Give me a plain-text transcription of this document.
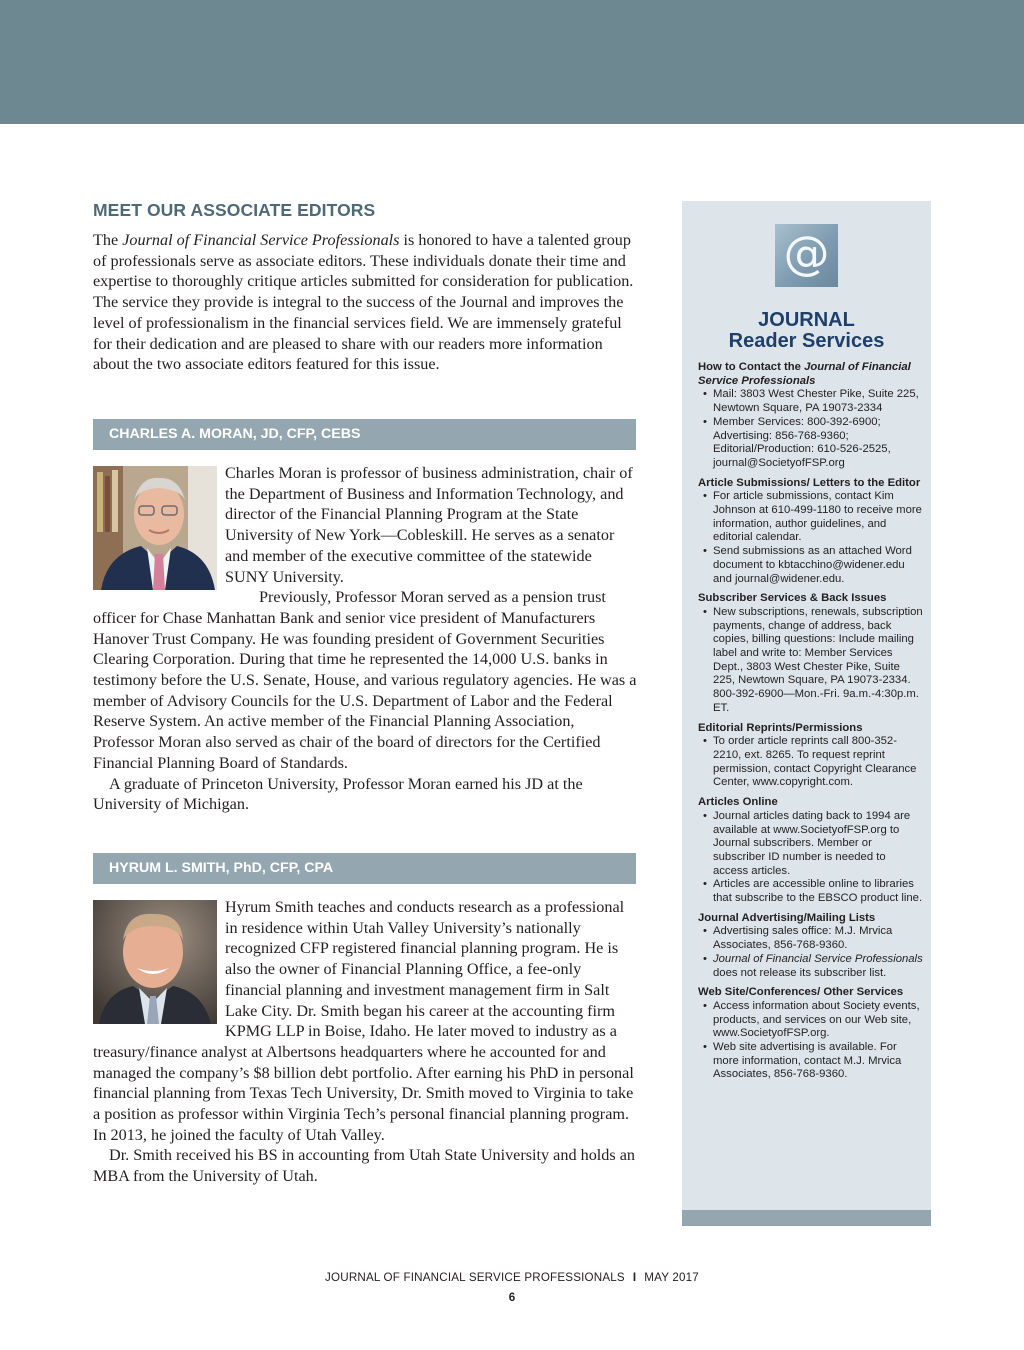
MEET OUR ASSOCIATE EDITORS

The Journal of Financial Service Professionals is honored to have a talented group of professionals serve as associate editors. These individuals donate their time and expertise to thoroughly critique articles submitted for consideration for publication. The service they provide is integral to the success of the Journal and improves the level of professionalism in the financial services field. We are immensely grateful for their dedication and are pleased to share with our readers more information about the two associate editors featured for this issue.

CHARLES A. MORAN, JD, CFP, CEBS

Charles Moran is professor of business administration, chair of the Department of Business and Information Technology, and director of the Financial Planning Program at the State University of New York—Cobleskill. He serves as a senator and member of the executive committee of the statewide SUNY University.

Previously, Professor Moran served as a pension trust officer for Chase Manhattan Bank and senior vice president of Manufacturers Hanover Trust Company. He was founding president of Government Securities Clearing Corporation. During that time he represented the 14,000 U.S. banks in testimony before the U.S. Senate, House, and various regulatory agencies. He was a member of Advisory Councils for the U.S. Department of Labor and the Federal Reserve System. An active member of the Financial Planning Association, Professor Moran also served as chair of the board of directors for the Certified Financial Planning Board of Standards.

A graduate of Princeton University, Professor Moran earned his JD at the University of Michigan.

HYRUM L. SMITH, PhD, CFP, CPA

Hyrum Smith teaches and conducts research as a professional in residence within Utah Valley University’s nationally recognized CFP registered financial planning program. He is also the owner of Financial Planning Office, a fee-only financial planning and investment management firm in Salt Lake City. Dr. Smith began his career at the accounting firm KPMG LLP in Boise, Idaho. He later moved to industry as a treasury/finance analyst at Albertsons headquarters where he accounted for and managed the company’s $8 billion debt portfolio. After earning his PhD in personal financial planning from Texas Tech University, Dr. Smith moved to Virginia to take a position as professor within Virginia Tech’s personal financial planning program. In 2013, he joined the faculty of Utah Valley.

Dr. Smith received his BS in accounting from Utah State University and holds an MBA from the University of Utah.

@
JOURNAL
Reader Services
How to Contact the Journal of Financial Service Professionals
• Mail: 3803 West Chester Pike, Suite 225, Newtown Square, PA 19073-2334
• Member Services: 800-392-6900; Advertising: 856-768-9360; Editorial/Production: 610-526-2525, journal@SocietyofFSP.org
Article Submissions/ Letters to the Editor
• For article submissions, contact Kim Johnson at 610-499-1180 to receive more information, author guidelines, and editorial calendar.
• Send submissions as an attached Word document to kbtacchino@widener.edu and journal@widener.edu.
Subscriber Services & Back Issues
• New subscriptions, renewals, subscription payments, change of address, back copies, billing questions: Include mailing label and write to: Member Services Dept., 3803 West Chester Pike, Suite 225, Newtown Square, PA 19073-2334. 800-392-6900—Mon.-Fri. 9a.m.-4:30p.m. ET.
Editorial Reprints/Permissions
• To order article reprints call 800-352-2210, ext. 8265. To request reprint permission, contact Copyright Clearance Center, www.copyright.com.
Articles Online
• Journal articles dating back to 1994 are available at www.SocietyofFSP.org to Journal subscribers. Member or subscriber ID number is needed to access articles.
• Articles are accessible online to libraries that subscribe to the EBSCO product line.
Journal Advertising/Mailing Lists
• Advertising sales office: M.J. Mrvica Associates, 856-768-9360.
• Journal of Financial Service Professionals does not release its subscriber list.
Web Site/Conferences/ Other Services
• Access information about Society events, products, and services on our Web site, www.SocietyofFSP.org.
• Web site advertising is available. For more information, contact M.J. Mrvica Associates, 856-768-9360.
JOURNAL OF FINANCIAL SERVICE PROFESSIONALS I MAY 2017
6
